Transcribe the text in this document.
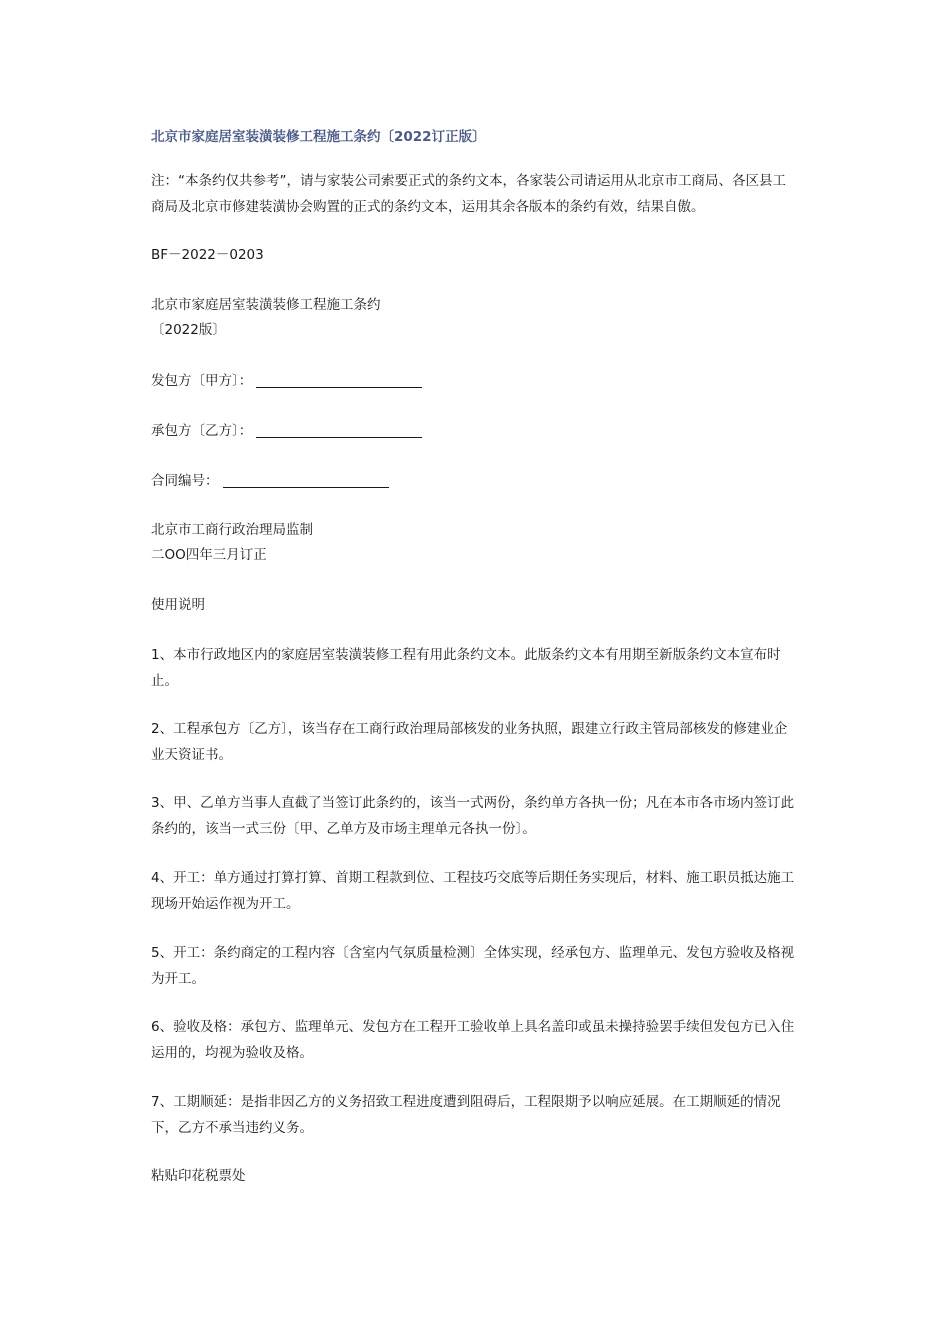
北京市家庭居室装潢装修工程施工条约〔2022订正版〕
注：“本条约仅共参考”，请与家装公司索要正式的条约文本，各家装公司请运用从北京市工商局、各区县工商局及北京市修建装潢协会购置的正式的条约文本，运用其余各版本的条约有效，结果自傲。
BF－2022－0203
北京市家庭居室装潢装修工程施工条约
〔2022版〕
发包方〔甲方〕：
承包方〔乙方〕：
合同编号：
北京市工商行政治理局监制
二OO四年三月订正
使用说明
1、本市行政地区内的家庭居室装潢装修工程有用此条约文本。此版条约文本有用期至新版条约文本宣布时止。
2、工程承包方〔乙方〕，该当存在工商行政治理局部核发的业务执照，跟建立行政主管局部核发的修建业企业天资证书。
3、甲、乙单方当事人直截了当签订此条约的，该当一式两份，条约单方各执一份；凡在本市各市场内签订此条约的，该当一式三份〔甲、乙单方及市场主理单元各执一份〕。
4、开工：单方通过打算打算、首期工程款到位、工程技巧交底等后期任务实现后，材料、施工职员抵达施工现场开始运作视为开工。
5、开工：条约商定的工程内容〔含室内气氛质量检测〕全体实现，经承包方、监理单元、发包方验收及格视为开工。
6、验收及格：承包方、监理单元、发包方在工程开工验收单上具名盖印或虽未操持验罢手续但发包方已入住运用的，均视为验收及格。
7、工期顺延：是指非因乙方的义务招致工程进度遭到阻碍后，工程限期予以响应延展。在工期顺延的情况下，乙方不承当违约义务。
粘贴印花税票处
